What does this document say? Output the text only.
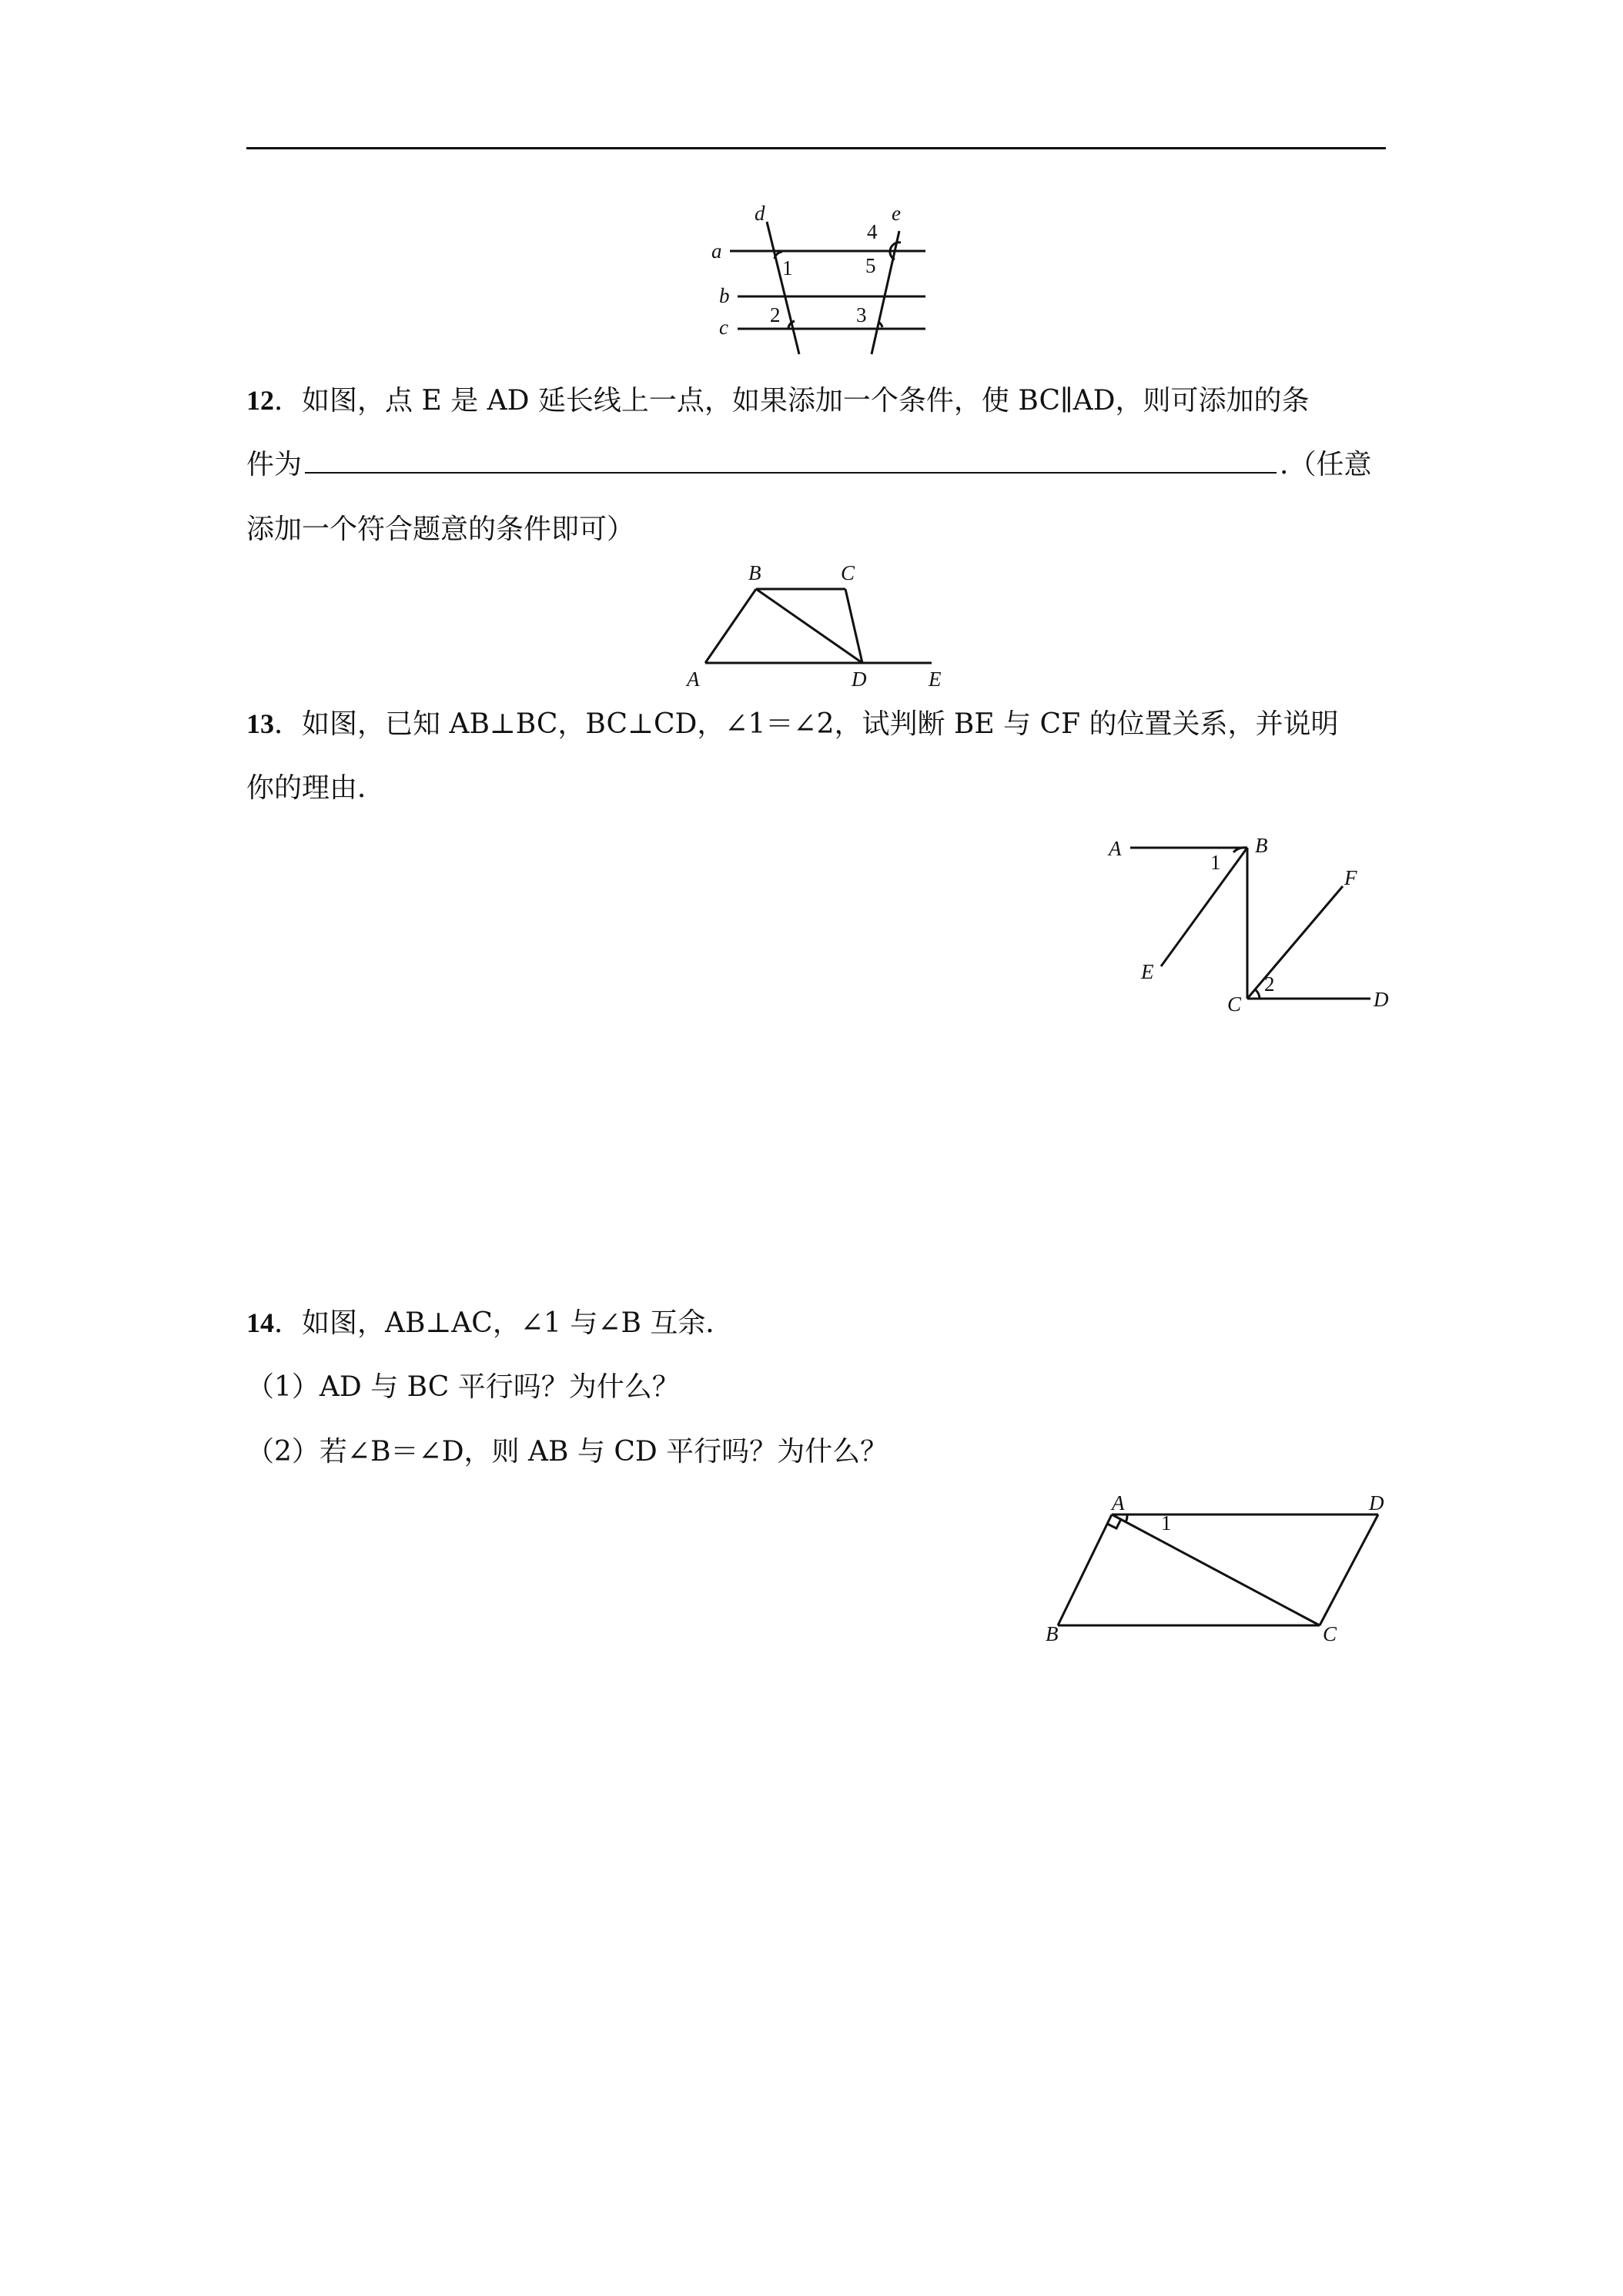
a
b
c
d	e
1
2	3
4
5
12．如图，点 E 是 AD 延长线上一点，如果添加一个条件，使 BC∥AD，则可添加的条
件为	.（任意
添加一个符合题意的条件即可）
B	C
A	D	E
13．如图，已知 AB⊥BC，BC⊥CD，∠1＝∠2，试判断 BE 与 CF 的位置关系，并说明
你的理由．
A	B
C	D
E
F
1
2
14．如图，AB⊥AC，∠1 与∠B 互余．
（1）AD 与 BC 平行吗？为什么？
（2）若∠B＝∠D，则 AB 与 CD 平行吗？为什么？
A	D
B	C
1
